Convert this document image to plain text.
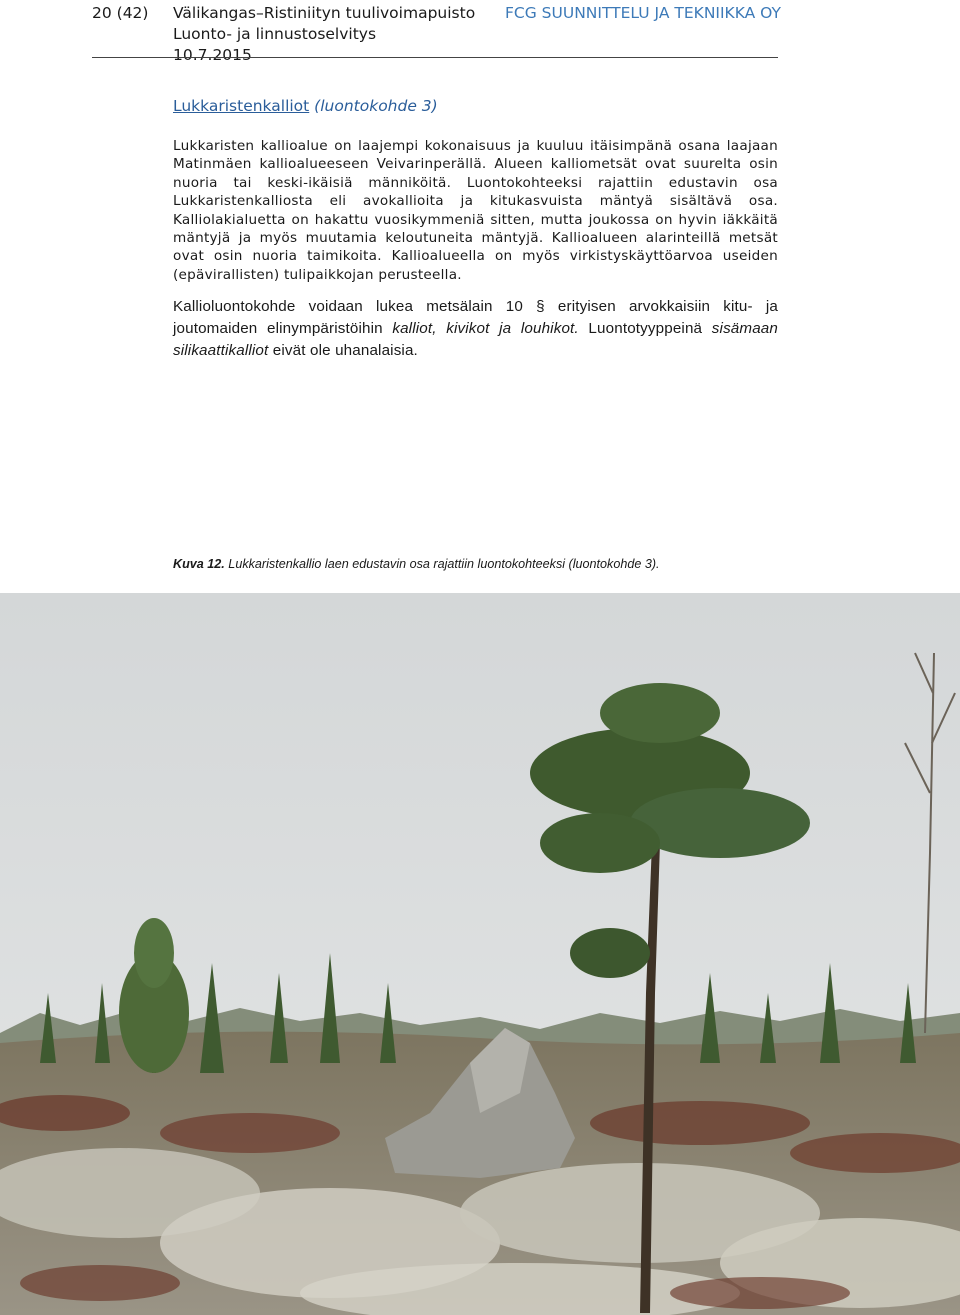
20 (42) Välikangas–Ristiniityn tuulivoimapuisto
Luonto- ja linnustoselvitys
10.7.2015
FCG SUUNNITTELU JA TEKNIIKKA OY
Lukkaristenkalliot (luontokohde 3)
Lukkaristen kallioalue on laajempi kokonaisuus ja kuuluu itäisimpänä osana laajaan Matinmäen kallioalueeseen Veivarinperällä. Alueen kalliometsät ovat suurelta osin nuoria tai keski-ikäisiä männiköitä. Luontokohteeksi rajattiin edustavin osa Lukkaristenkalliosta eli avokallioita ja kitukasvuista mäntyä sisältävä osa. Kalliolakialuetta on hakattu vuosikymmeniä sitten, mutta joukossa on hyvin iäkkäitä mäntyjä ja myös muutamia keloutuneita mäntyjä. Kallioalueen alarinteillä metsät ovat osin nuoria taimikoita. Kallioalueella on myös virkistyskäyttöarvoa useiden (epävirallisten) tulipaikkojan perusteella.
Kallioluontokohde voidaan lukea metsälain 10 § erityisen arvokkaisiin kitu- ja joutomaiden elinympäristöihin kalliot, kivikot ja louhikot. Luontotyyppeinä sisämaan silikaattikalliot eivät ole uhanalaisia.
Kuva 12. Lukkaristenkallio laen edustavin osa rajattiin luontokohteeksi (luontokohde 3).
